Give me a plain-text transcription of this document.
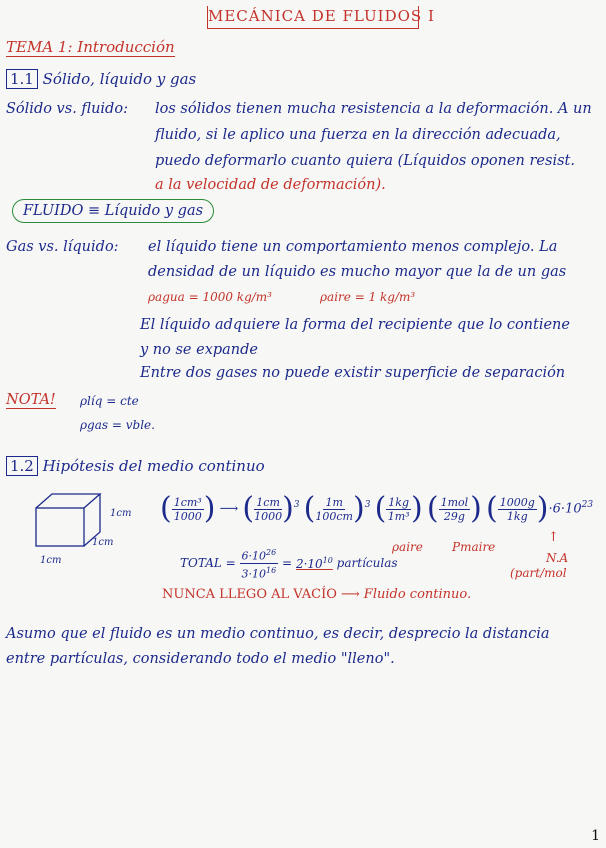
MECÁNICA DE FLUIDOS I
TEMA 1: Introducción
1.1 Sólido, líquido y gas
Sólido vs. fluido: los sólidos tienen mucha resistencia a la deformación. A un
fluido, si le aplico una fuerza en la dirección adecuada,
puedo deformarlo cuanto quiera (Líquidos oponen resist.
a la velocidad de deformación).
FLUIDO ≡ Líquido y gas
Gas vs. líquido: el líquido tiene un comportamiento menos complejo. La
densidad de un líquido es mucho mayor que la de un gas
ρagua = 1000 kg/m³	ρaire = 1 kg/m³
El líquido adquiere la forma del recipiente que lo contiene
y no se expande
Entre dos gases no puede existir superficie de separación
NOTA! ρlíq = cte
ρgas = vble.
1.2 Hipótesis del medio continuo
1cm
1cm
1cm
( $\frac{\text{1cm³}}{1000}$ ) ⟶ ( $\frac{1cm}{1000} )^3$ ( $\frac{1m}{100cm} )^3$ ( $\frac{1kg}{\text{1m³}}$ ) ( $\frac{\text{1mol}}{29g}$ ) ( $\frac{1000g}{1kg} )\cdot 6\cdot 10^{23}$
ρaire Pmaire
↑
N.A
(part/mol
TOTAL = $\frac{6\cdot 10^{26}}{3\cdot 10^{16}} = 2\cdot 10^{10}$ partículas
NUNCA LLEGO AL VACÍO ⟶ Fluido continuo.
Asumo que el fluido es un medio continuo, es decir, desprecio la distancia
entre partículas, considerando todo el medio "lleno".
1
